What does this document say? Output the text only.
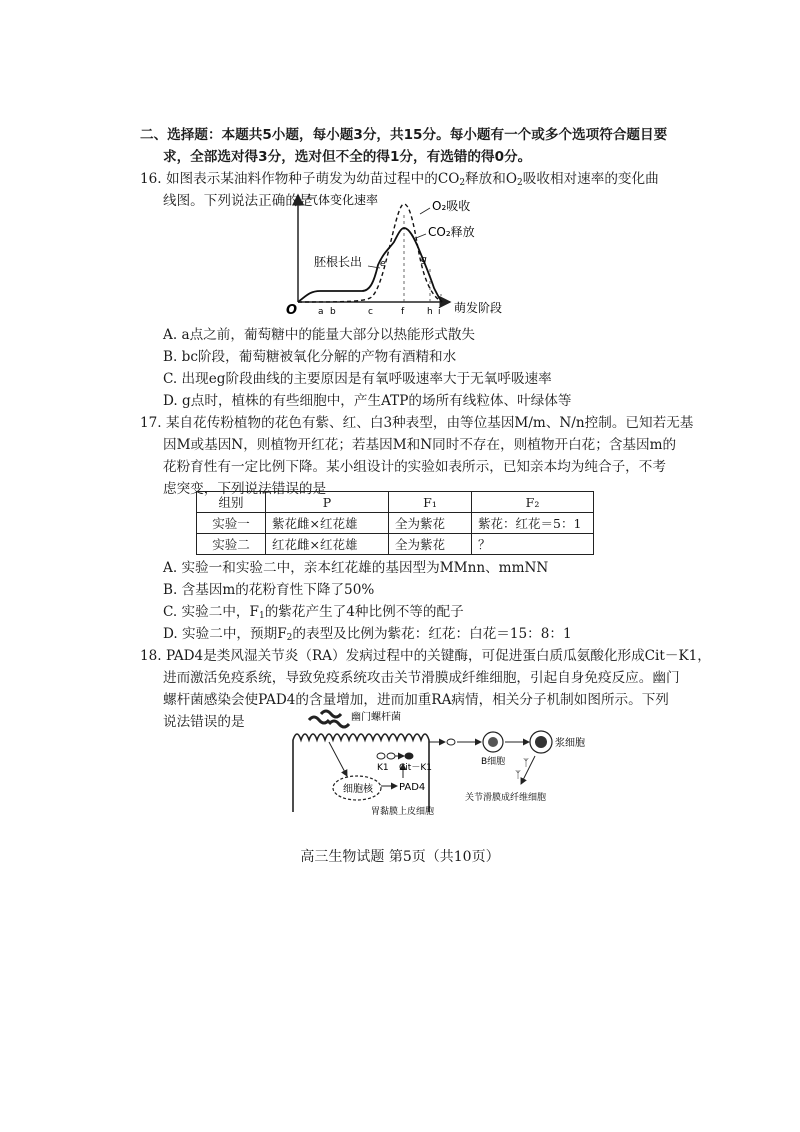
二、选择题：本题共5小题，每小题3分，共15分。每小题有一个或多个选项符合题目要
求，全部选对得3分，选对但不全的得1分，有选错的得0分。
16. 如图表示某油料作物种子萌发为幼苗过程中的$CO_2$释放和$O_2$吸收相对速率的变化曲
线图。下列说法正确的是
气体变化速率
萌发阶段
O a b	c	f	h i
O₂吸收
CO₂释放
胚根长出 e	g
A. a点之前，葡萄糖中的能量大部分以热能形式散失
B. bc阶段，葡萄糖被氧化分解的产物有酒精和水
C. 出现eg阶段曲线的主要原因是有氧呼吸速率大于无氧呼吸速率
D. g点时，植株的有些细胞中，产生ATP的场所有线粒体、叶绿体等
17. 某自花传粉植物的花色有紫、红、白3种表型，由等位基因M/m、N/n控制。已知若无基
因M或基因N，则植物开红花；若基因M和N同时不存在，则植物开白花；含基因m的
花粉育性有一定比例下降。某小组设计的实验如表所示，已知亲本均为纯合子，不考
虑突变，下列说法错误的是
组别	P	F₁	F₂
实验一	紫花雌×红花雄	全为紫花	紫花：红花＝5：1
实验二	红花雌×红花雄	全为紫花	？
A. 实验一和实验二中，亲本红花雄的基因型为MMnn、mmNN
B. 含基因m的花粉育性下降了50%
C. 实验二中，$F_1$的紫花产生了4种比例不等的配子
D. 实验二中，预期$F_2$的表型及比例为紫花：红花：白花＝15：8：1
18. PAD4是类风湿关节炎（RA）发病过程中的关键酶，可促进蛋白质瓜氨酸化形成Cit－K1，
进而激活免疫系统，导致免疫系统攻击关节滑膜成纤维细胞，引起自身免疫反应。幽门
螺杆菌感染会使PAD4的含量增加，进而加重RA病情，相关分子机制如图所示。下列
说法错误的是	幽门螺杆菌
细胞核	PAD4
K1 Cit－K1
胃黏膜上皮细胞
B细胞
浆细胞
ᛉ
ᛉ
关节滑膜成纤维细胞
高三生物试题 第5页（共10页）
